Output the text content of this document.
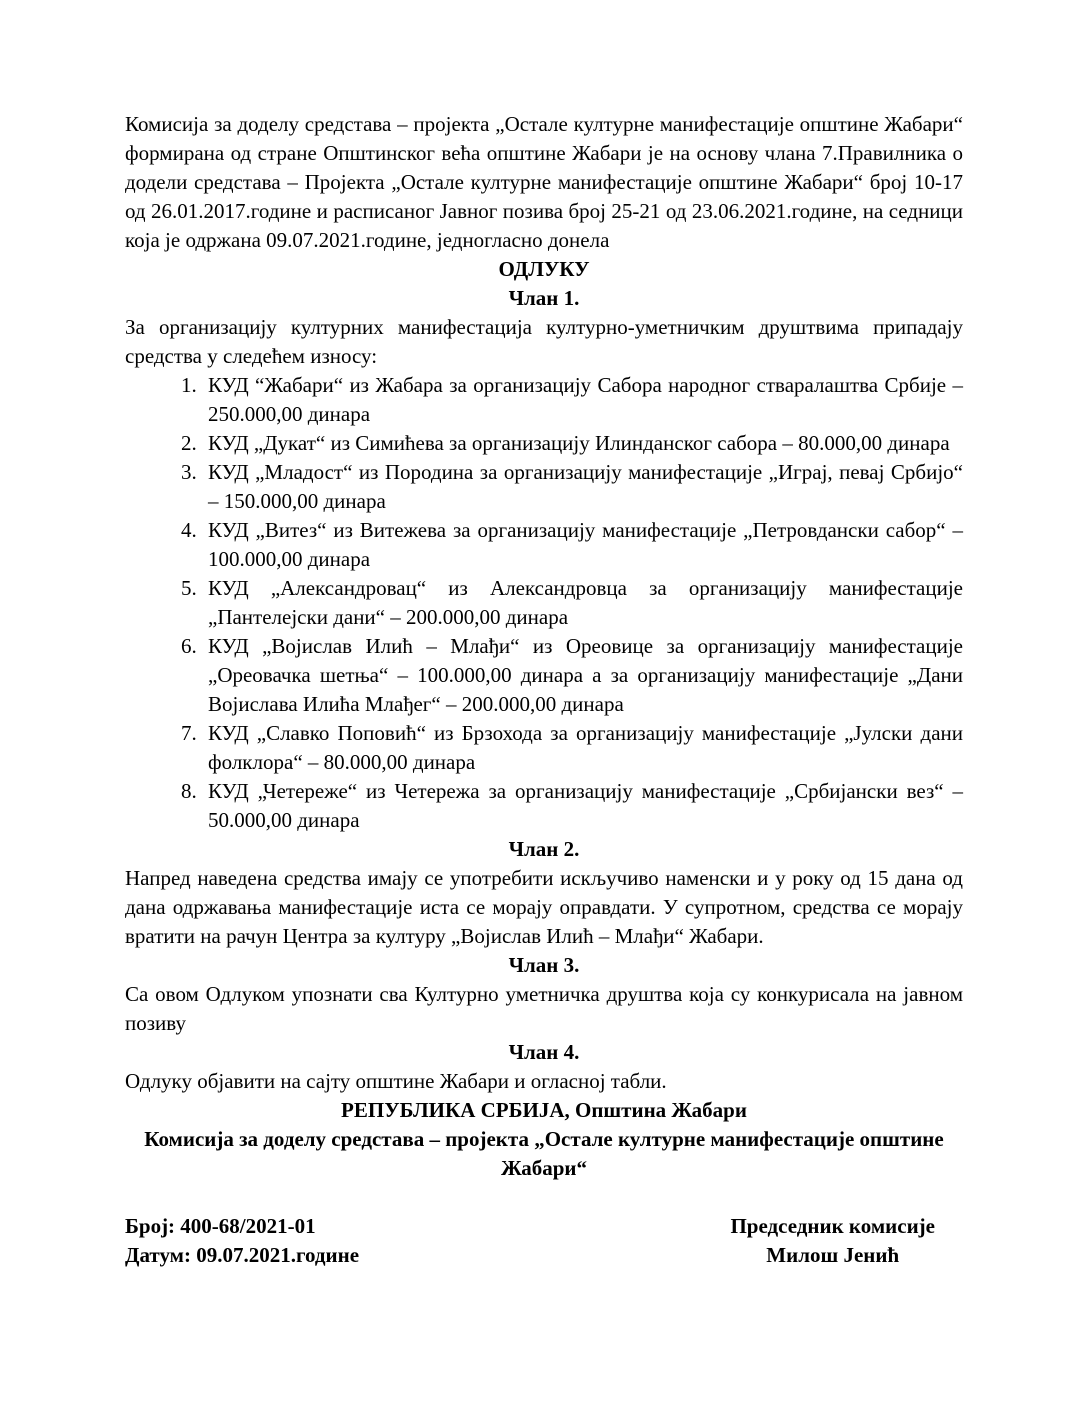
Комисија за доделу средстава – пројекта „Остале културне манифестације општине Жабари“ формирана од стране Општинског већа општине Жабари је на основу члана 7.Правилника о додели средстава – Пројекта „Остале културне манифестације општине Жабари“ број 10-17 од 26.01.2017.године и расписаног Јавног позива број 25-21 од 23.06.2021.године, на седници која је одржана 09.07.2021.године, једногласно донела

ОДЛУКУ
Члан 1.

За организацију културних манифестација културно-уметничким друштвима припадају средства у следећем износу:

1. КУД “Жабари“ из Жабара за организацију Сабора народног стваралаштва Србије – 250.000,00 динара
2. КУД „Дукат“ из Симићева за организацију Илинданског сабора – 80.000,00 динара
3. КУД „Младост“ из Породина за организацију манифестације „Играј, певај Србијо“ – 150.000,00 динара
4. КУД „Витез“ из Витежева за организацију манифестације „Петровдански сабор“ – 100.000,00 динара
5. КУД „Александровац“ из Александровца за организацију манифестације „Пантелејски дани“ – 200.000,00 динара
6. КУД „Војислав Илић – Млађи“ из Ореовице за организацију манифестације „Ореовачка шетња“ – 100.000,00 динара а за организацију манифестације „Дани Војислава Илића Млађег“ – 200.000,00 динара
7. КУД „Славко Поповић“ из Брзохода за организацију манифестације „Јулски дани фолклора“ – 80.000,00 динара
8. КУД „Четереже“ из Четережа за организацију манифестације „Србијански вез“ – 50.000,00 динара
Члан 2.

Напред наведена средства имају се употребити искључиво наменски и у року од 15 дана од дана одржавања манифестације иста се морају оправдати. У супротном, средства се морају вратити на рачун Центра за културу „Војислав Илић – Млађи“ Жабари.

Члан 3.

Са овом Одлуком упознати сва Културно уметничка друштва која су конкурисала на јавном позиву

Члан 4.

Одлуку објавити на сајту општине Жабари и огласној табли.

РЕПУБЛИКА СРБИЈА, Општина Жабари
Комисија за доделу средстава – пројекта „Остале културне манифестације општине Жабари“
Број: 400-68/2021-01
Датум: 09.07.2021.године
Председник комисије
Милош Јенић
